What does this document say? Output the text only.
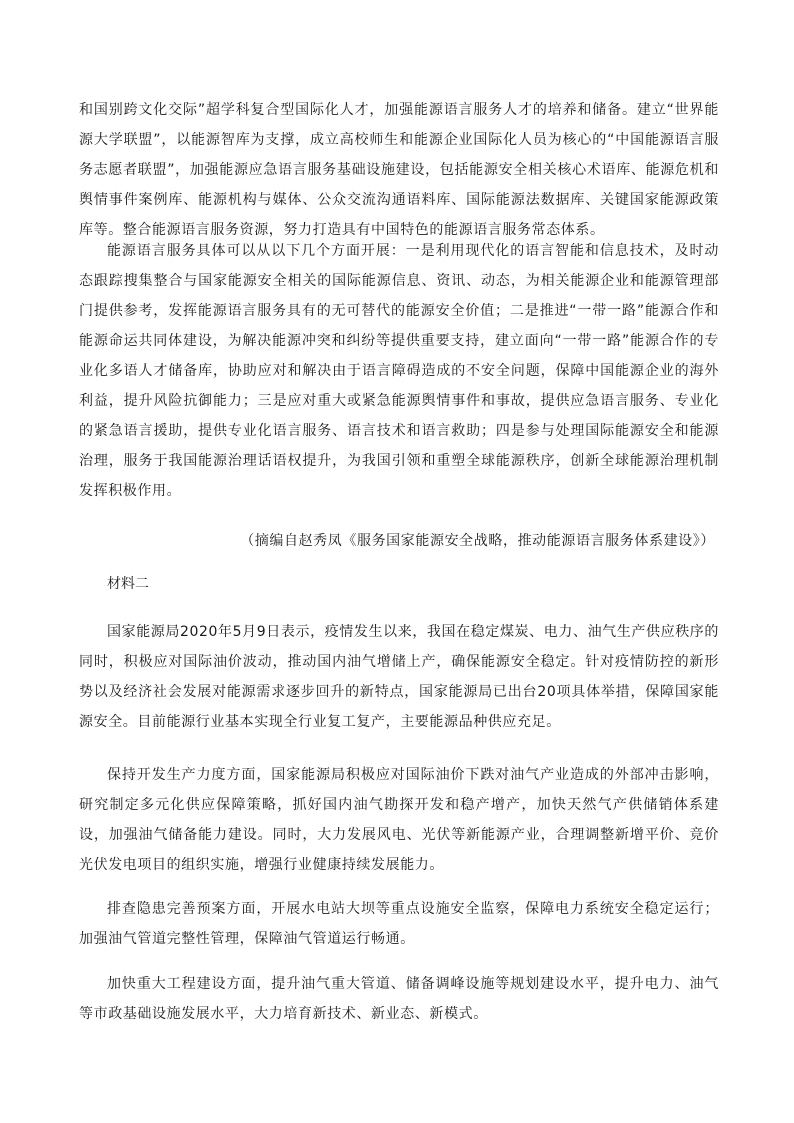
和国别跨文化交际”超学科复合型国际化人才，加强能源语言服务人才的培养和储备。建立“世界能源大学联盟”，以能源智库为支撑，成立高校师生和能源企业国际化人员为核心的“中国能源语言服务志愿者联盟”，加强能源应急语言服务基础设施建设，包括能源安全相关核心术语库、能源危机和舆情事件案例库、能源机构与媒体、公众交流沟通语料库、国际能源法数据库、关键国家能源政策库等。整合能源语言服务资源，努力打造具有中国特色的能源语言服务常态体系。

能源语言服务具体可以从以下几个方面开展：一是利用现代化的语言智能和信息技术，及时动态跟踪搜集整合与国家能源安全相关的国际能源信息、资讯、动态，为相关能源企业和能源管理部门提供参考，发挥能源语言服务具有的无可替代的能源安全价值；二是推进“一带一路”能源合作和能源命运共同体建设，为解决能源冲突和纠纷等提供重要支持，建立面向“一带一路”能源合作的专业化多语人才储备库，协助应对和解决由于语言障碍造成的不安全问题，保障中国能源企业的海外利益，提升风险抗御能力；三是应对重大或紧急能源舆情事件和事故，提供应急语言服务、专业化的紧急语言援助，提供专业化语言服务、语言技术和语言救助；四是参与处理国际能源安全和能源治理，服务于我国能源治理话语权提升，为我国引领和重塑全球能源秩序，创新全球能源治理机制发挥积极作用。

（摘编自赵秀凤《服务国家能源安全战略，推动能源语言服务体系建设》）

材料二

国家能源局2020年5月9日表示，疫情发生以来，我国在稳定煤炭、电力、油气生产供应秩序的同时，积极应对国际油价波动，推动国内油气增储上产，确保能源安全稳定。针对疫情防控的新形势以及经济社会发展对能源需求逐步回升的新特点，国家能源局已出台20项具体举措，保障国家能源安全。目前能源行业基本实现全行业复工复产，主要能源品种供应充足。

保持开发生产力度方面，国家能源局积极应对国际油价下跌对油气产业造成的外部冲击影响，研究制定多元化供应保障策略，抓好国内油气勘探开发和稳产增产，加快天然气产供储销体系建设，加强油气储备能力建设。同时，大力发展风电、光伏等新能源产业，合理调整新增平价、竞价光伏发电项目的组织实施，增强行业健康持续发展能力。

排查隐患完善预案方面，开展水电站大坝等重点设施安全监察，保障电力系统安全稳定运行；加强油气管道完整性管理，保障油气管道运行畅通。

加快重大工程建设方面，提升油气重大管道、储备调峰设施等规划建设水平，提升电力、油气等市政基础设施发展水平，大力培育新技术、新业态、新模式。
